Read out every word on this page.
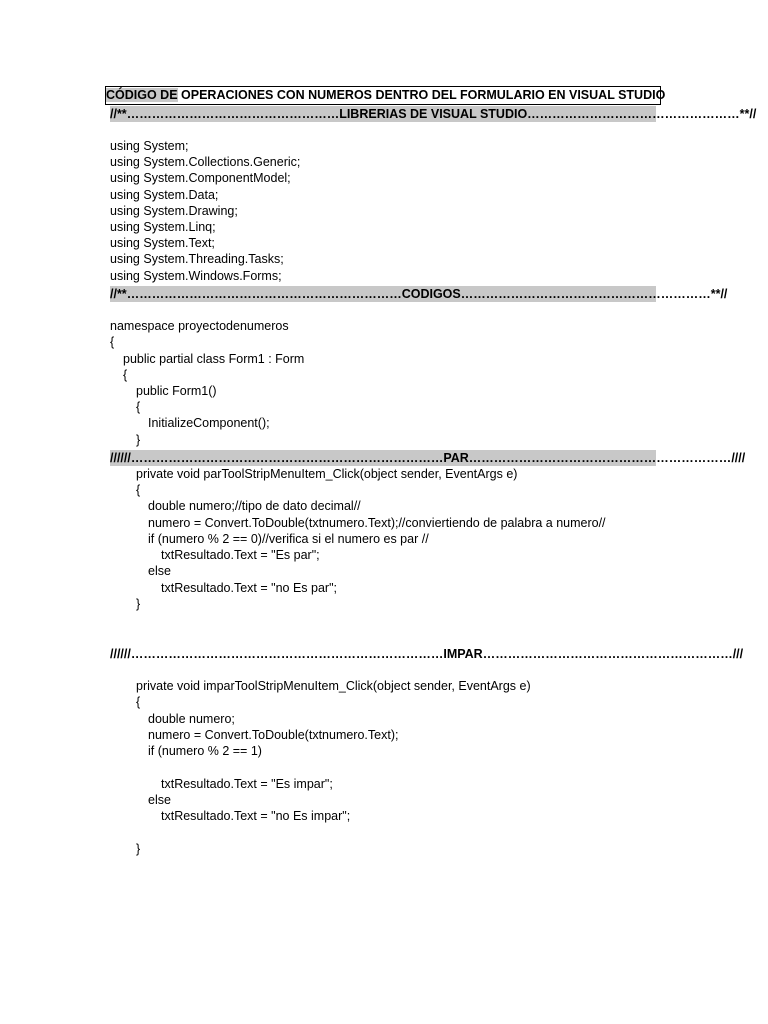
CÓDIGO DE OPERACIONES CON NUMEROS DENTRO DEL FORMULARIO EN VISUAL STUDIO
//** ……………………………………………LIBRERIAS DE VISUAL STUDIO…………………………………………… **//
using System;
using System.Collections.Generic;
using System.ComponentModel;
using System.Data;
using System.Drawing;
using System.Linq;
using System.Text;
using System.Threading.Tasks;
using System.Windows.Forms;
//** …………………………………………………………CODIGOS…………………………………………………… **//
namespace proyectodenumeros
{
public partial class Form1 : Form
{
public Form1()
{
InitializeComponent();
}
////// …………………………………………………………………PAR……………………………………………………… ////
private void parToolStripMenuItem_Click(object sender, EventArgs e)
{
double numero;//tipo de dato decimal//
numero = Convert.ToDouble(txtnumero.Text);//conviertiendo de palabra a numero//
if (numero % 2 == 0)//verifica si el numero es par //
txtResultado.Text = "Es par";
else
txtResultado.Text = "no Es par";
}
////// …………………………………………………………………IMPAR…………………………………………………… ///
private void imparToolStripMenuItem_Click(object sender, EventArgs e)
{
double numero;
numero = Convert.ToDouble(txtnumero.Text);
if (numero % 2 == 1)
txtResultado.Text = "Es impar";
else
txtResultado.Text = "no Es impar";
}
